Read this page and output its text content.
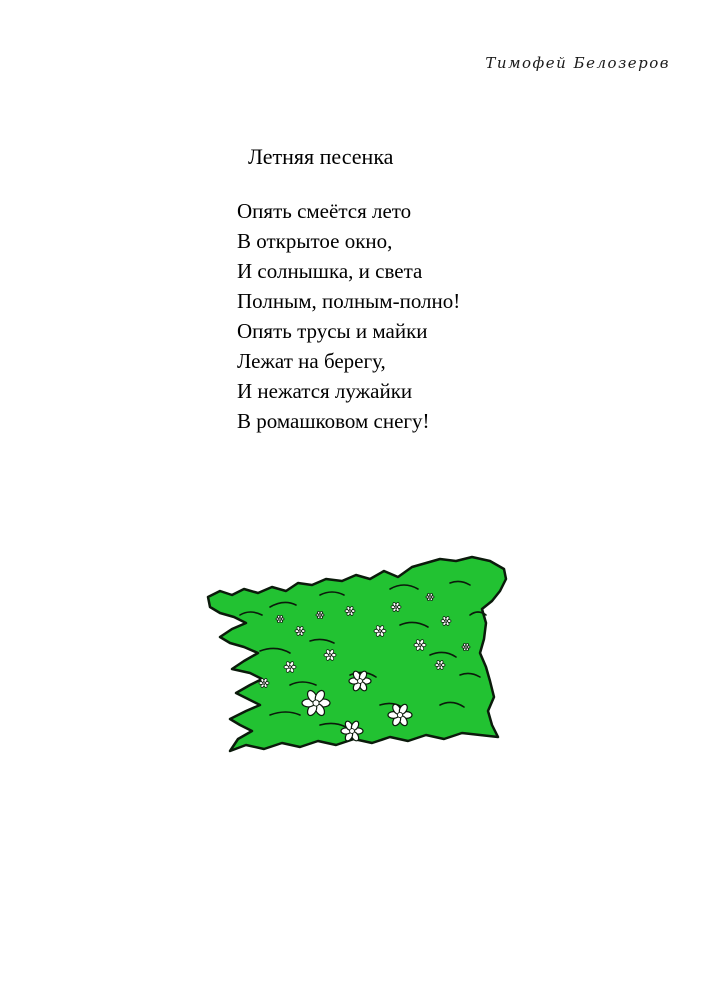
Тимофей Белозеров
Летняя песенка
Опять смеётся лето
В открытое окно,
И солнышка, и света
Полным, полным-полно!
Опять трусы и майки
Лежат на берегу,
И нежатся лужайки
В ромашковом снегу!
